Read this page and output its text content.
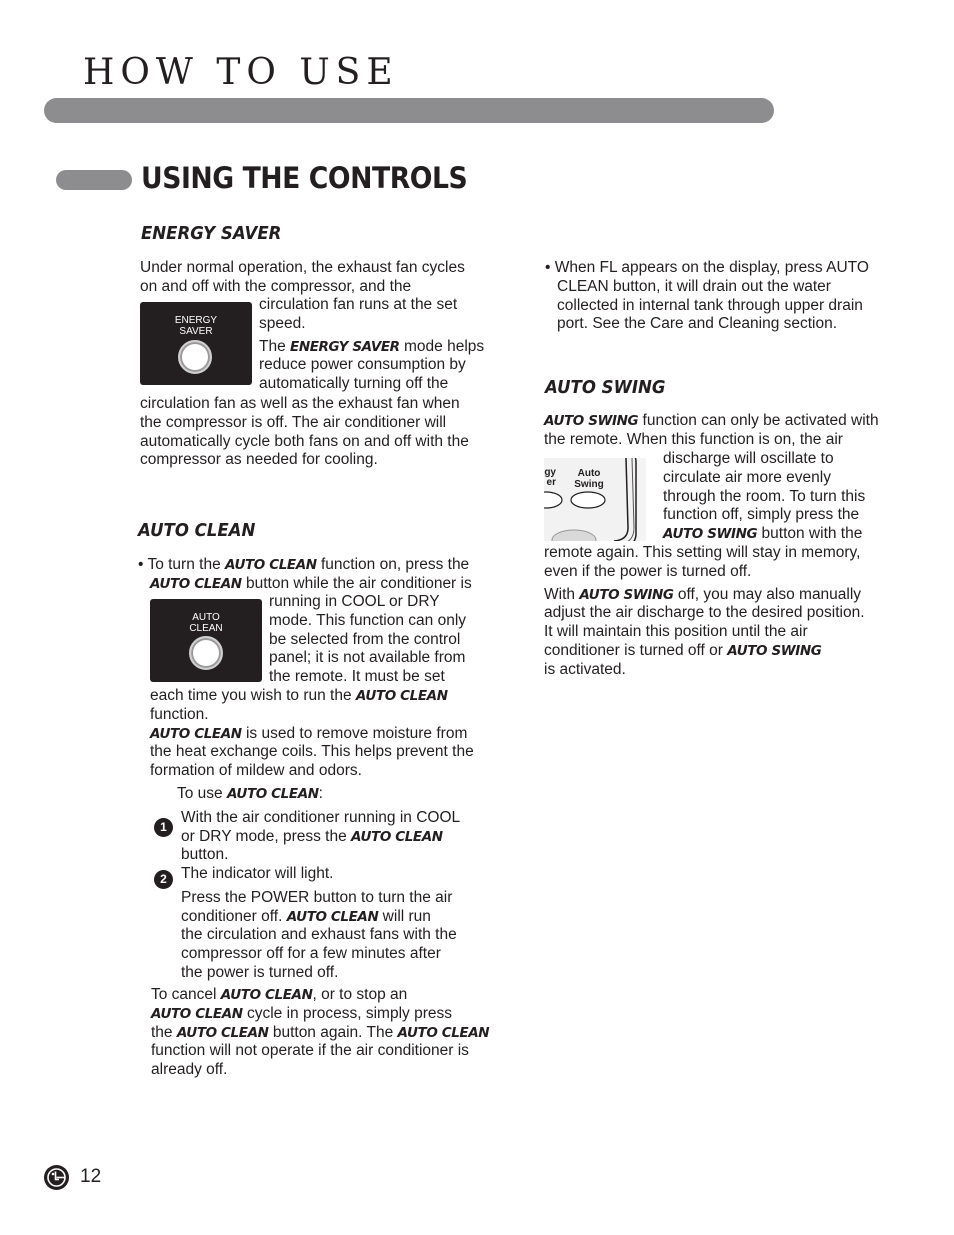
HOW TO USE
USING THE CONTROLS
ENERGY SAVER
Under normal operation, the exhaust fan cycles
on and off with the compressor, and the
ENERGY
SAVER
circulation fan runs at the set
speed.
The ENERGY SAVER mode helps
reduce power consumption by
automatically turning off the
circulation fan as well as the exhaust fan when
the compressor is off. The air conditioner will
automatically cycle both fans on and off with the
compressor as needed for cooling.
AUTO CLEAN
• To turn the AUTO CLEAN function on, press the
AUTO CLEAN button while the air conditioner is
AUTO
CLEAN
running in COOL or DRY
mode. This function can only
be selected from the control
panel; it is not available from
the remote. It must be set
each time you wish to run the AUTO CLEAN
function.
AUTO CLEAN is used to remove moisture from
the heat exchange coils. This helps prevent the
formation of mildew and odors.
1
To use AUTO CLEAN:
With the air conditioner running in COOL
or DRY mode, press the AUTO CLEAN
button.
2 The indicator will light.
Press the POWER button to turn the air
conditioner off. AUTO CLEAN will run
the circulation and exhaust fans with the
compressor off for a few minutes after
the power is turned off.
To cancel AUTO CLEAN, or to stop an
AUTO CLEAN cycle in process, simply press
the AUTO CLEAN button again. The AUTO CLEAN
function will not operate if the air conditioner is
already off.
• When FL appears on the display, press AUTO
CLEAN button, it will drain out the water
collected in internal tank through upper drain
port. See the Care and Cleaning section.
AUTO SWING
AUTO SWING function can only be activated with
the remote. When this function is on, the air
gy
er
Auto
Swing
discharge will oscillate to
circulate air more evenly
through the room. To turn this
function off, simply press the
AUTO SWING button with the
remote again. This setting will stay in memory,
even if the power is turned off.
With AUTO SWING off, you may also manually
adjust the air discharge to the desired position.
It will maintain this position until the air
conditioner is turned off or AUTO SWING
is activated.
12
